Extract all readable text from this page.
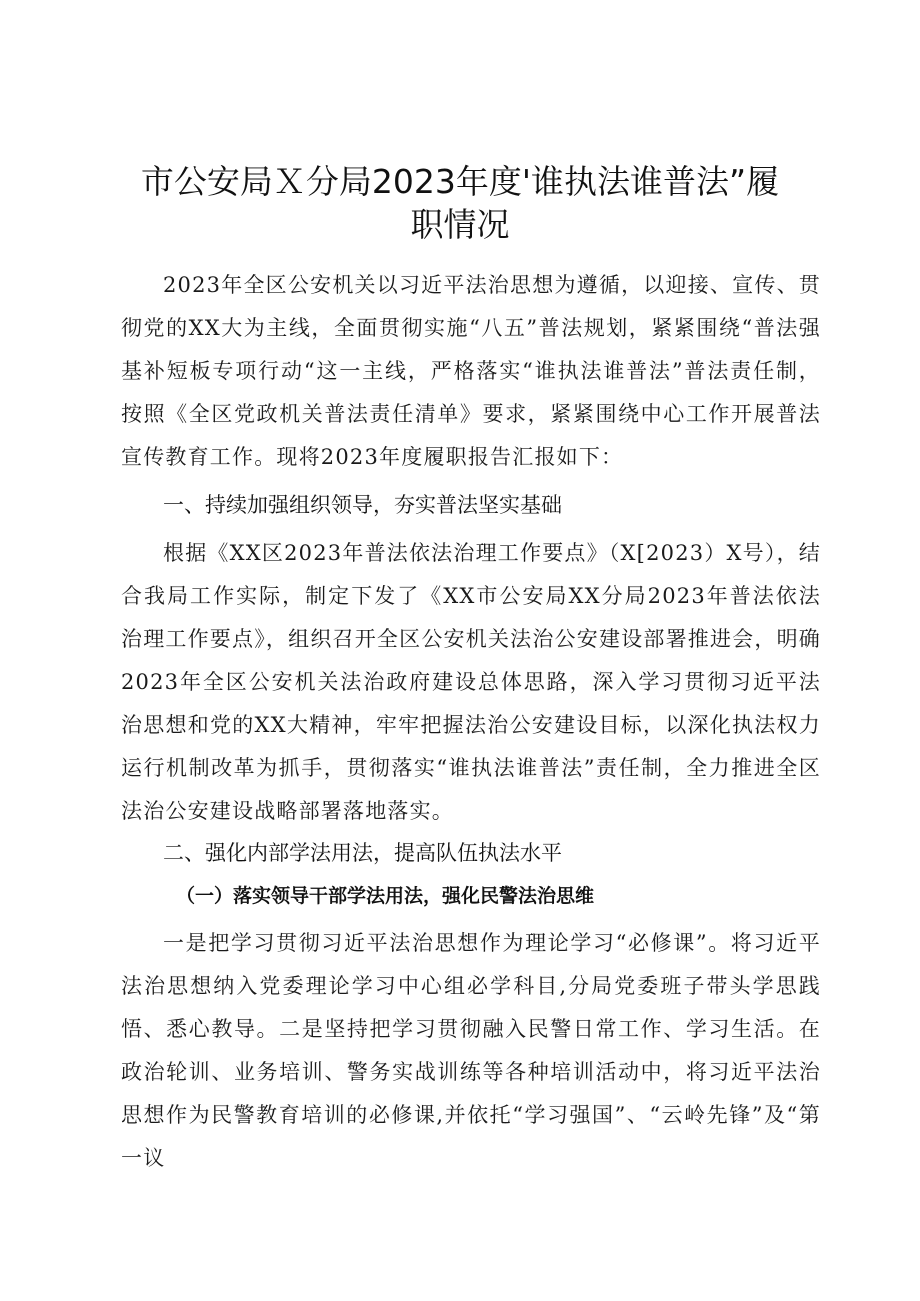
市公安局Ｘ分局2023年度'谁执法谁普法”履
职情况

2023年全区公安机关以习近平法治思想为遵循，以迎接、宣传、贯彻党的XX大为主线，全面贯彻实施“八五”普法规划，紧紧围绕“普法强基补短板专项行动“这一主线，严格落实“谁执法谁普法”普法责任制，按照《全区党政机关普法责任清单》要求，紧紧围绕中心工作开展普法宣传教育工作。现将2023年度履职报告汇报如下：

一、持续加强组织领导，夯实普法坚实基础

根据《XX区2023年普法依法治理工作要点》（X[2023）X号），结合我局工作实际，制定下发了《XX市公安局XX分局2023年普法依法治理工作要点》，组织召开全区公安机关法治公安建设部署推进会，明确2023年全区公安机关法治政府建设总体思路，深入学习贯彻习近平法治思想和党的XX大精神，牢牢把握法治公安建设目标，以深化执法权力运行机制改革为抓手，贯彻落实“谁执法谁普法”责任制，全力推进全区法治公安建设战略部署落地落实。

二、强化内部学法用法，提高队伍执法水平

（一）落实领导干部学法用法，强化民警法治思维

一是把学习贯彻习近平法治思想作为理论学习“必修课”。将习近平法治思想纳入党委理论学习中心组必学科目,分局党委班子带头学思践悟、悉心教导。二是坚持把学习贯彻融入民警日常工作、学习生活。在政治轮训、业务培训、警务实战训练等各种培训活动中，将习近平法治思想作为民警教育培训的必修课,并依托“学习强国”、“云岭先锋”及“第一议
